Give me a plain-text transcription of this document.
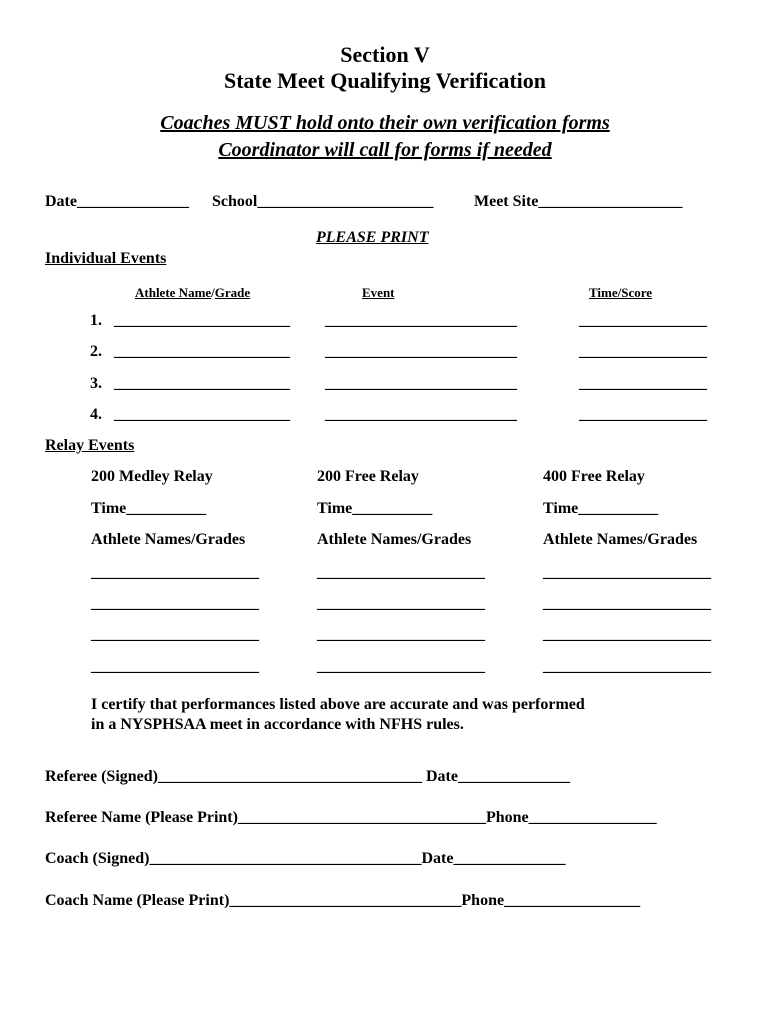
Section V
State Meet Qualifying Verification
Coaches MUST hold onto their own verification forms
Coordinator will call for forms if needed
Date______________ School______________________	Meet Site__________________
PLEASE PRINT
Individual Events
Athlete Name/Grade	Event	Time/Score
1. ______________________ ________________________	________________
2. ______________________ ________________________	________________
3. ______________________ ________________________	________________
4. ______________________ ________________________	________________
Relay Events
200 Medley Relay	200 Free Relay	400 Free Relay
Time__________	Time__________	Time__________
Athlete Names/Grades	Athlete Names/Grades	Athlete Names/Grades
_____________________	_____________________	_____________________
_____________________	_____________________	_____________________
_____________________	_____________________	_____________________
_____________________	_____________________	_____________________
I certify that performances listed above are accurate and was performed
in a NYSPHSAA meet in accordance with NFHS rules.
Referee (Signed)_________________________________ Date______________
Referee Name (Please Print)_______________________________Phone________________
Coach (Signed)__________________________________Date______________
Coach Name (Please Print)_____________________________Phone_________________
